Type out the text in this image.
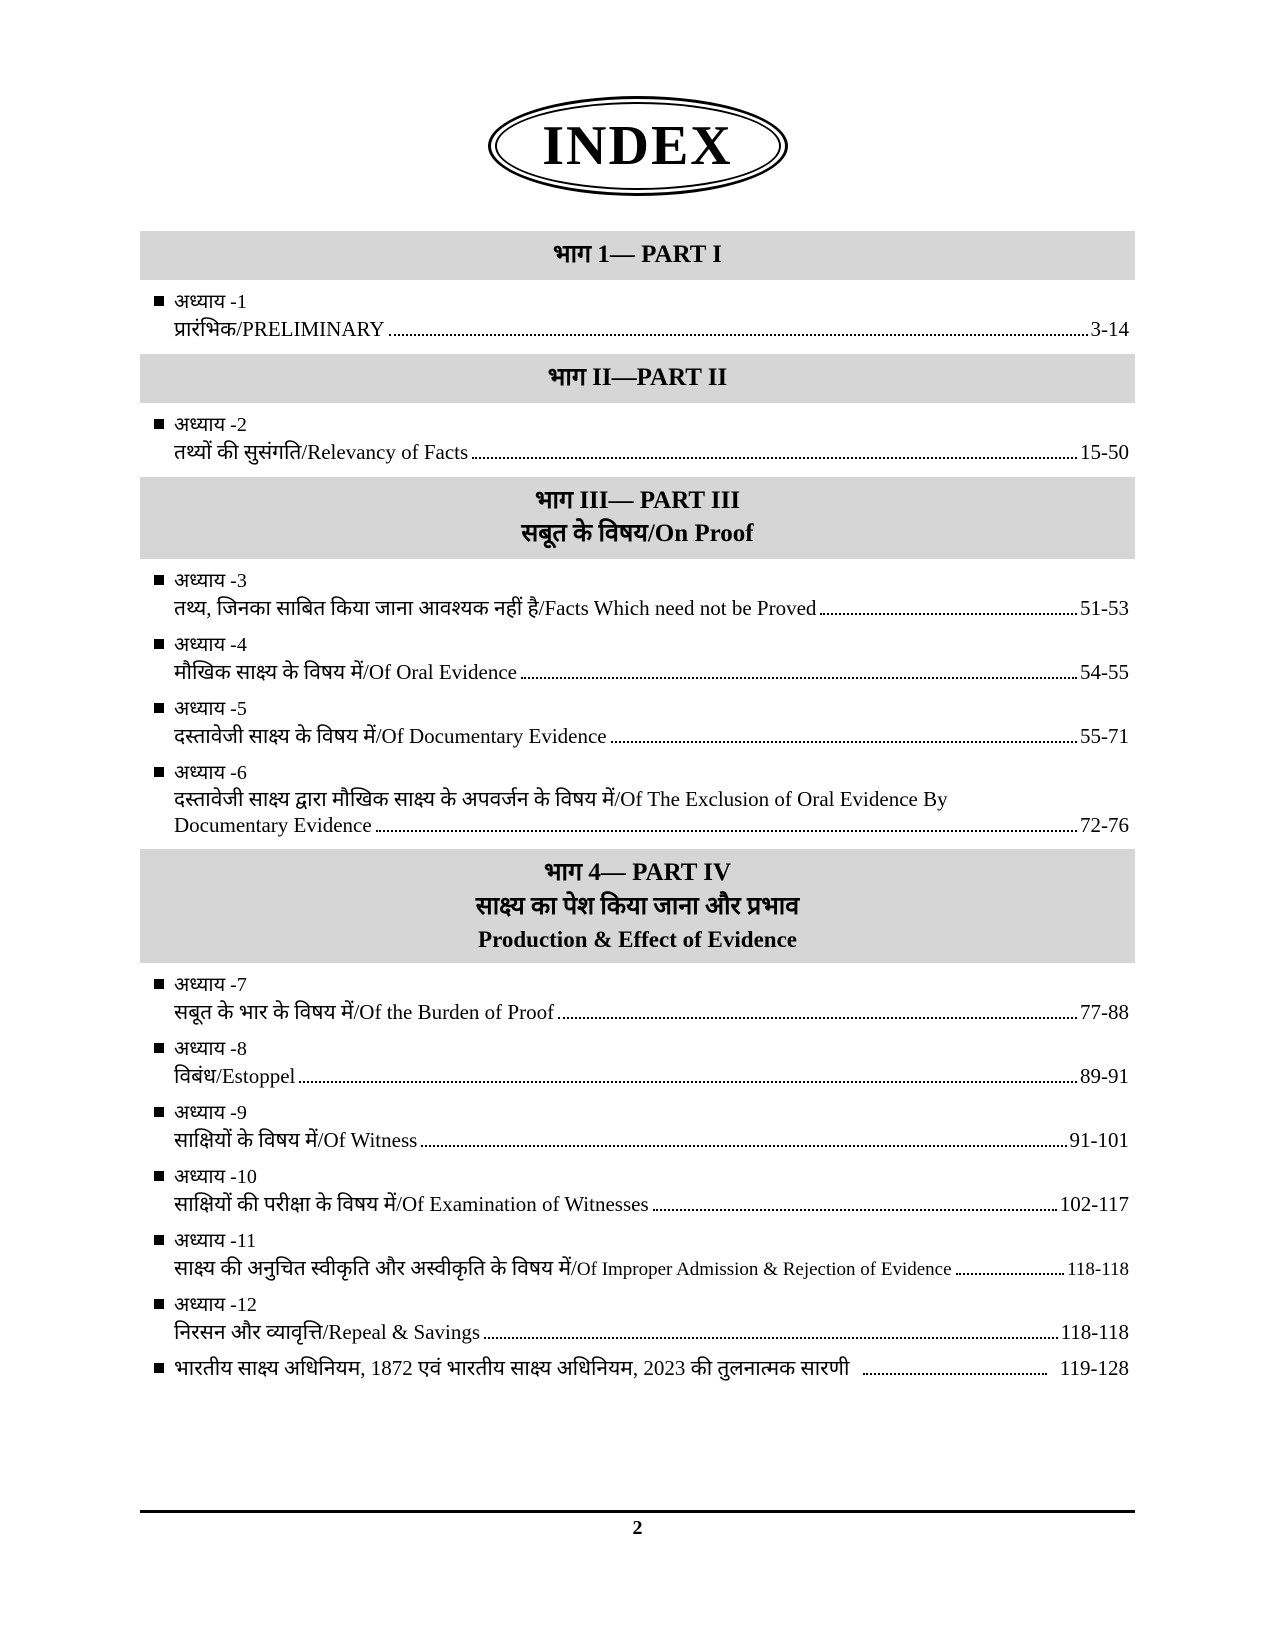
INDEX
भाग 1— PART I
अध्याय -1
प्रारंभिक/ PRELIMINARY	3-14
भाग II—PART II
अध्याय -2
तथ्यों की सुसंगति/ Relevancy of Facts	15-50
भाग III— PART III
सबूत के विषय/On Proof
अध्याय -3
तथ्य, जिनका साबित किया जाना आवश्यक नहीं है/ Facts Which need not be Proved	51-53
अध्याय -4
मौखिक साक्ष्य के विषय में/ Of Oral Evidence	54-55
अध्याय -5
दस्तावेजी साक्ष्य के विषय में/ Of Documentary Evidence	55-71
अध्याय -6
दस्तावेजी साक्ष्य द्वारा मौखिक साक्ष्य के अपवर्जन के विषय में/Of The Exclusion of Oral Evidence By
Documentary Evidence	72-76
भाग 4— PART IV
साक्ष्य का पेश किया जाना और प्रभाव
Production & Effect of Evidence
अध्याय -7
सबूत के भार के विषय में/ Of the Burden of Proof	77-88
अध्याय -8
विबंध/ Estoppel	89-91
अध्याय -9
साक्षियों के विषय में/ Of Witness	91-101
अध्याय -10
साक्षियों की परीक्षा के विषय में/ Of Examination of Witnesses	102-117
अध्याय -11
साक्ष्य की अनुचित स्वीकृति और अस्वीकृति के विषय में/ Of Improper Admission & Rejection of Evidence	118-118
अध्याय -12
निरसन और व्यावृत्ति/ Repeal & Savings	118-118
भारतीय साक्ष्य अधिनियम, 1872 एवं भारतीय साक्ष्य अधिनियम, 2023 की तुलनात्मक सारणी	119-128
2
